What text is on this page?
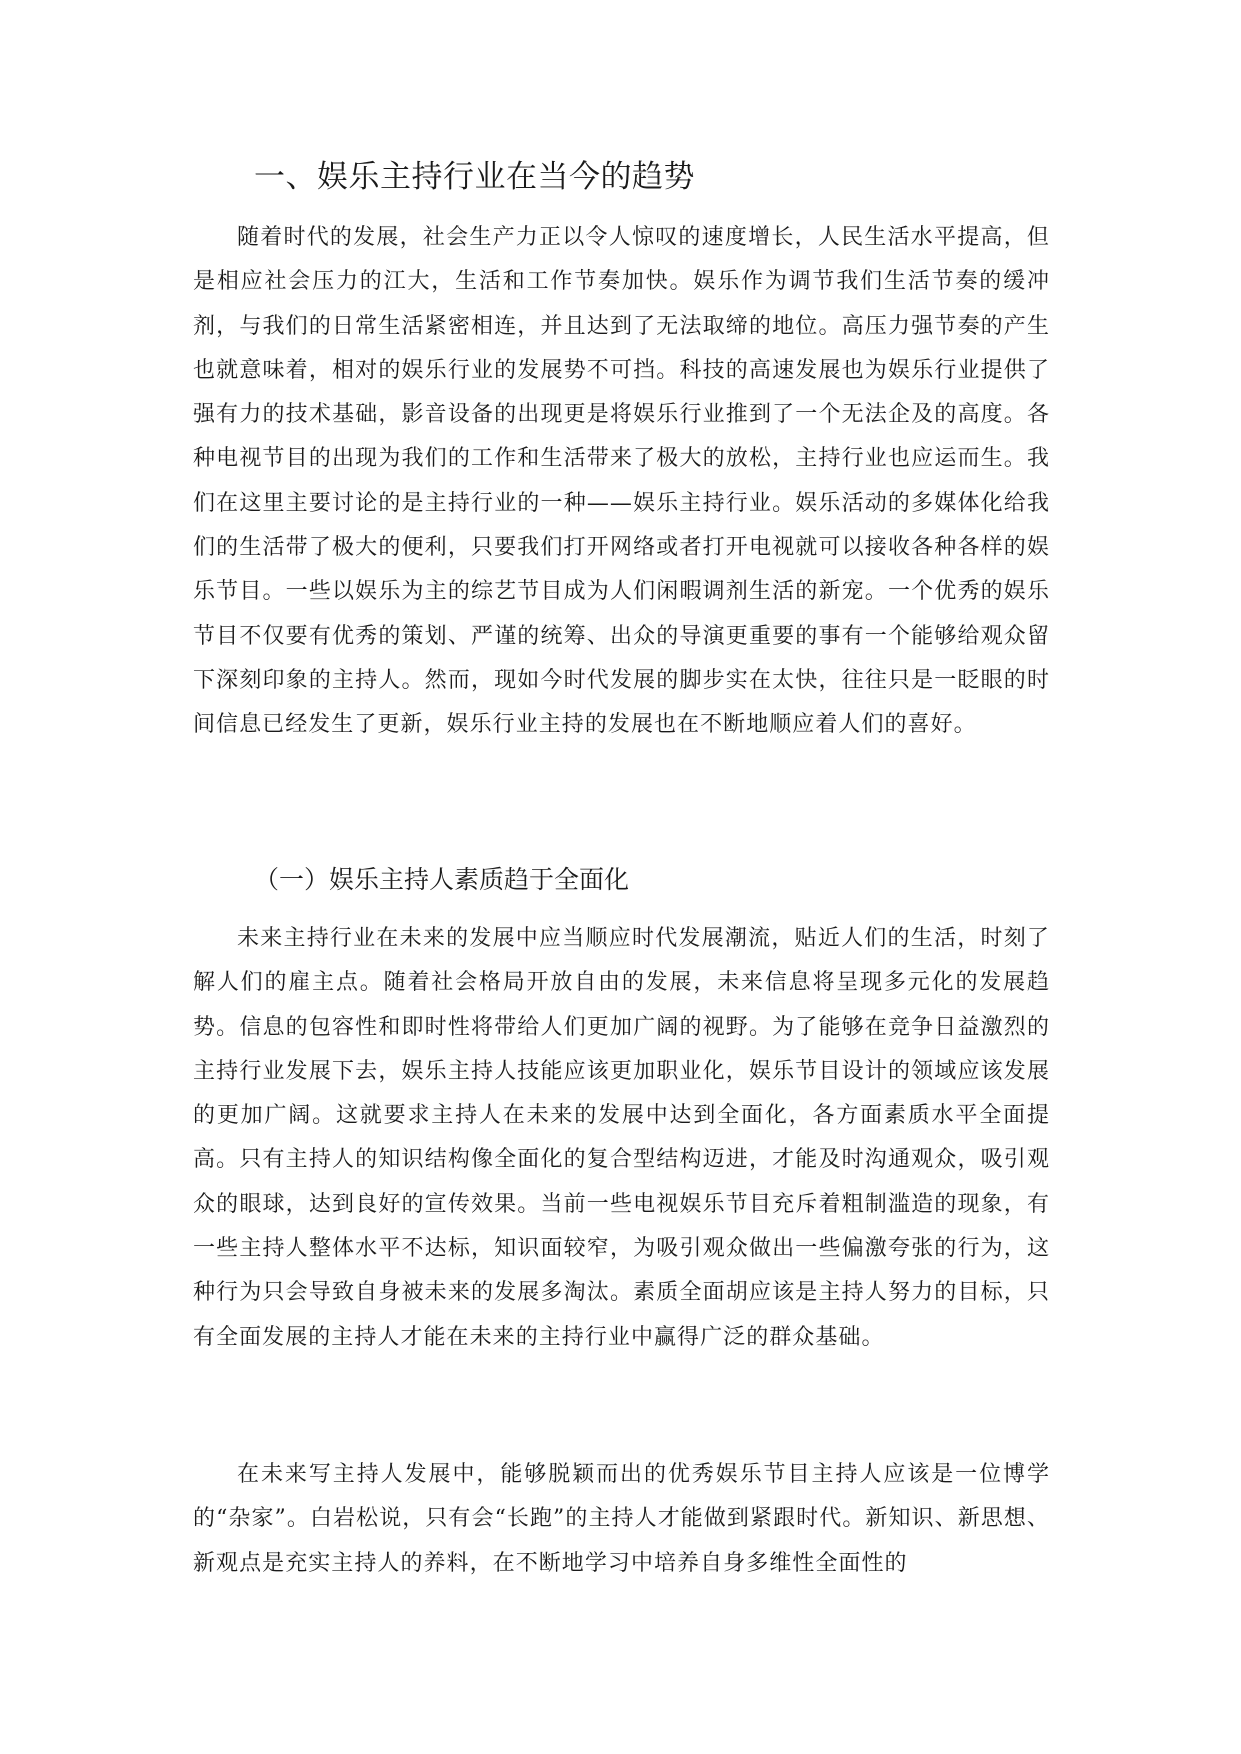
一、娱乐主持行业在当今的趋势

随着时代的发展，社会生产力正以令人惊叹的速度增长，人民生活水平提高，但是相应社会压力的江大，生活和工作节奏加快。娱乐作为调节我们生活节奏的缓冲剂，与我们的日常生活紧密相连，并且达到了无法取缔的地位。高压力强节奏的产生也就意味着，相对的娱乐行业的发展势不可挡。科技的高速发展也为娱乐行业提供了强有力的技术基础，影音设备的出现更是将娱乐行业推到了一个无法企及的高度。各种电视节目的出现为我们的工作和生活带来了极大的放松，主持行业也应运而生。我们在这里主要讨论的是主持行业的一种——娱乐主持行业。娱乐活动的多媒体化给我们的生活带了极大的便利，只要我们打开网络或者打开电视就可以接收各种各样的娱乐节目。一些以娱乐为主的综艺节目成为人们闲暇调剂生活的新宠。一个优秀的娱乐节目不仅要有优秀的策划、严谨的统筹、出众的导演更重要的事有一个能够给观众留下深刻印象的主持人。然而，现如今时代发展的脚步实在太快，往往只是一眨眼的时间信息已经发生了更新，娱乐行业主持的发展也在不断地顺应着人们的喜好。

（一）娱乐主持人素质趋于全面化

未来主持行业在未来的发展中应当顺应时代发展潮流，贴近人们的生活，时刻了解人们的雇主点。随着社会格局开放自由的发展，未来信息将呈现多元化的发展趋势。信息的包容性和即时性将带给人们更加广阔的视野。为了能够在竞争日益激烈的主持行业发展下去，娱乐主持人技能应该更加职业化，娱乐节目设计的领域应该发展的更加广阔。这就要求主持人在未来的发展中达到全面化，各方面素质水平全面提高。只有主持人的知识结构像全面化的复合型结构迈进，才能及时沟通观众，吸引观众的眼球，达到良好的宣传效果。当前一些电视娱乐节目充斥着粗制滥造的现象，有一些主持人整体水平不达标，知识面较窄，为吸引观众做出一些偏激夸张的行为，这种行为只会导致自身被未来的发展多淘汰。素质全面胡应该是主持人努力的目标，只有全面发展的主持人才能在未来的主持行业中赢得广泛的群众基础。

在未来写主持人发展中，能够脱颖而出的优秀娱乐节目主持人应该是一位博学的“杂家”。白岩松说，只有会“长跑”的主持人才能做到紧跟时代。新知识、新思想、新观点是充实主持人的养料，在不断地学习中培养自身多维性全面性的
